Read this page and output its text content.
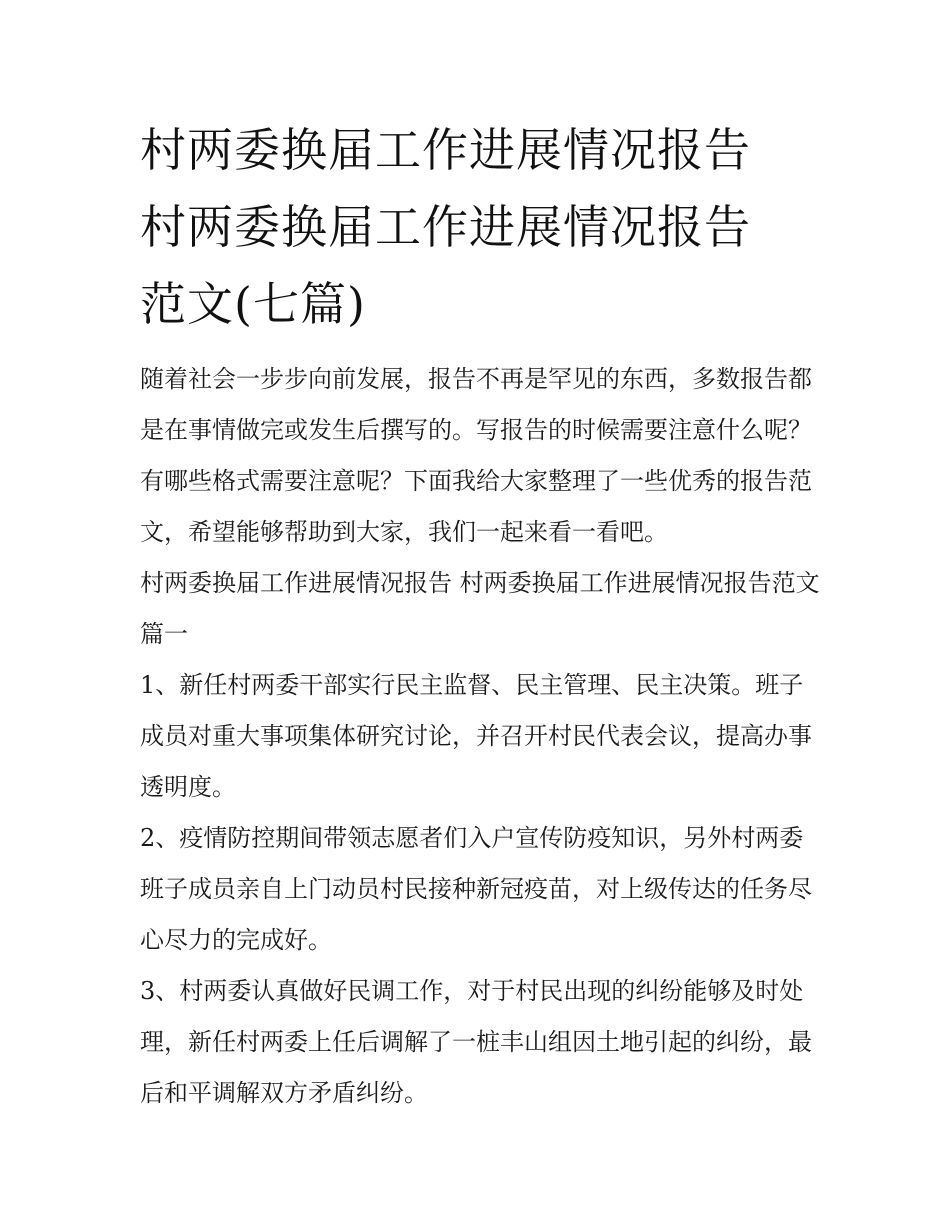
村两委换届工作进展情况报告
村两委换届工作进展情况报告
范文(七篇)

随着社会一步步向前发展，报告不再是罕见的东西，多数报告都是在事情做完或发生后撰写的。写报告的时候需要注意什么呢？有哪些格式需要注意呢？下面我给大家整理了一些优秀的报告范文，希望能够帮助到大家，我们一起来看一看吧。

村两委换届工作进展情况报告 村两委换届工作进展情况报告范文篇一

1、新任村两委干部实行民主监督、民主管理、民主决策。班子成员对重大事项集体研究讨论，并召开村民代表会议，提高办事透明度。

2、疫情防控期间带领志愿者们入户宣传防疫知识，另外村两委班子成员亲自上门动员村民接种新冠疫苗，对上级传达的任务尽心尽力的完成好。

3、村两委认真做好民调工作，对于村民出现的纠纷能够及时处理，新任村两委上任后调解了一桩丰山组因土地引起的纠纷，最后和平调解双方矛盾纠纷。
